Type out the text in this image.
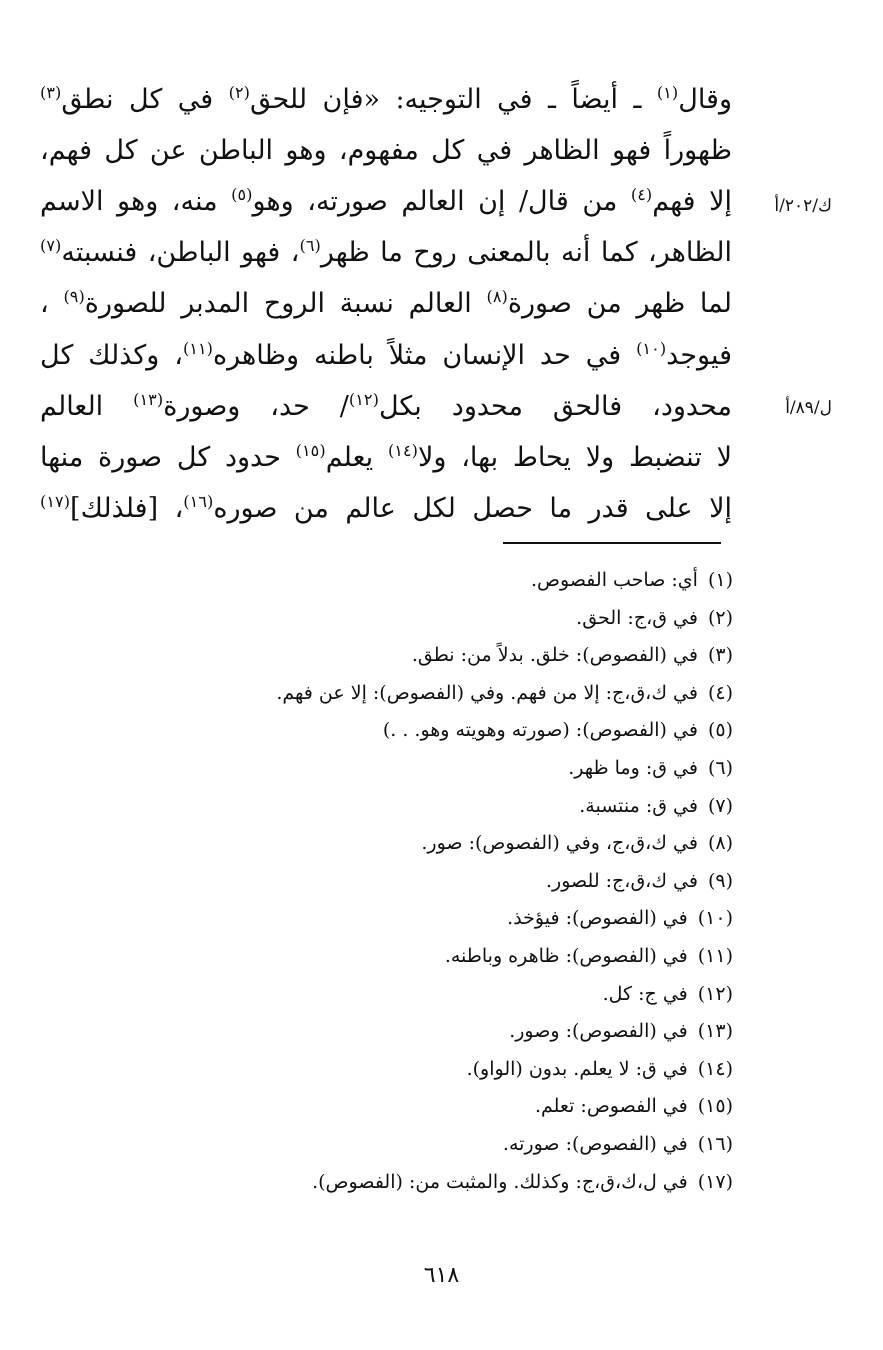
وقال$^{(١)}$ ـ أيضاً ـ في التوجيه: «فإن للحق$^{(٢)}$ في كل نطق$^{(٣)}$
ظهوراً فهو الظاهر في كل مفهوم، وهو الباطن عن كل فهم،
إلا فهم$^{(٤)}$ من قال/ إن العالم صورته، وهو$^{(٥)}$ منه، وهو الاسم
الظاهر، كما أنه بالمعنى روح ما ظهر$^{(٦)}$، فهو الباطن، فنسبته$^{(٧)}$
لما ظهر من صورة$^{(٨)}$ العالم نسبة الروح المدبر للصورة$^{(٩)}$ ،
فيوجد$^{(١٠)}$ في حد الإنسان مثلاً باطنه وظاهره$^{(١١)}$، وكذلك كل
محدود، فالحق محدود بكل$^{(١٢)}$/ حد، وصورة$^{(١٣)}$ العالم
لا تنضبط ولا يحاط بها، ولا$^{(١٤)}$ يعلم$^{(١٥)}$ حدود كل صورة منها
إلا على قدر ما حصل لكل عالم من صوره$^{(١٦)}$، [فلذلك]$^{(١٧)}$
ك/٢٠٢/أ
ل/٨٩/أ
(١)أي: صاحب الفصوص.
(٢)في ق،ج: الحق.
(٣)في (الفصوص): خلق. بدلاً من: نطق.
(٤)في ك،ق،ج: إلا من فهم. وفي (الفصوص): إلا عن فهم.
(٥)في (الفصوص): (صورته وهويته وهو. . .)
(٦)في ق: وما ظهر.
(٧)في ق: منتسبة.
(٨)في ك،ق،ج، وفي (الفصوص): صور.
(٩)في ك،ق،ج: للصور.
(١٠)في (الفصوص): فيؤخذ.
(١١)في (الفصوص): ظاهره وباطنه.
(١٢)في ج: كل.
(١٣)في (الفصوص): وصور.
(١٤)في ق: لا يعلم. بدون (الواو).
(١٥)في الفصوص: تعلم.
(١٦)في (الفصوص): صورته.
(١٧)في ل،ك،ق،ج: وكذلك. والمثبت من: (الفصوص).
٦١٨
